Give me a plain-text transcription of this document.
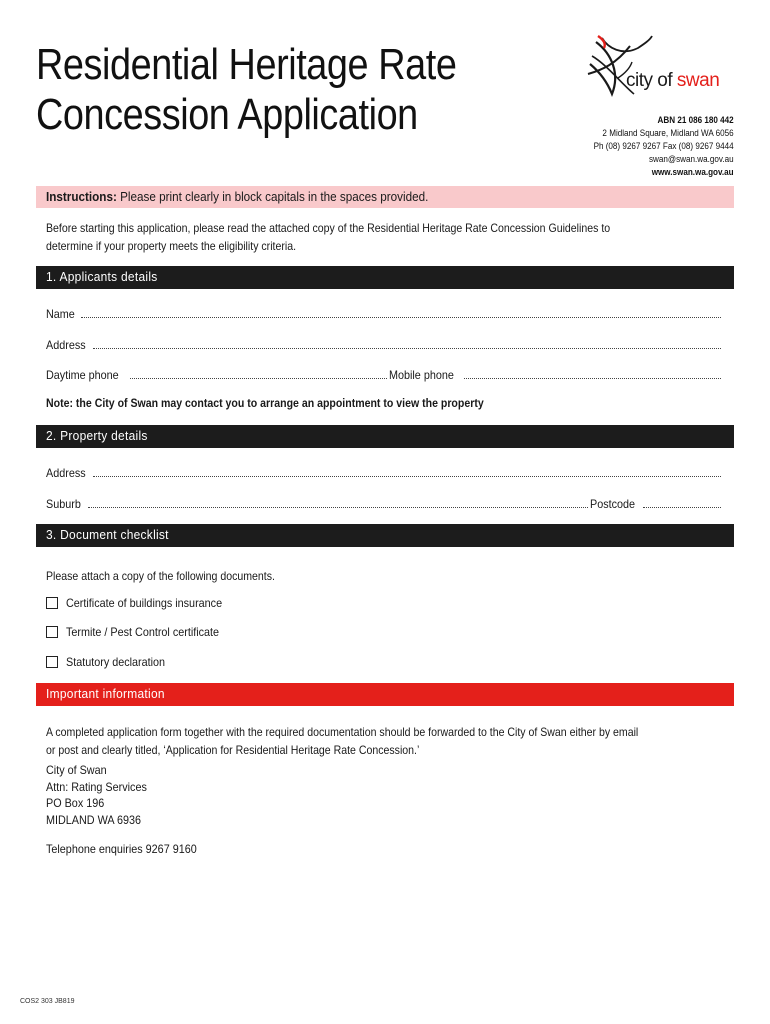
Residential Heritage Rate
Concession Application
city of swan
ABN 21 086 180 442
2 Midland Square, Midland WA 6056
Ph (08) 9267 9267 Fax (08) 9267 9444
swan@swan.wa.gov.au
www.swan.wa.gov.au
Instructions: Please print clearly in block capitals in the spaces provided.
Before starting this application, please read the attached copy of the Residential Heritage Rate Concession Guidelines to
determine if your property meets the eligibility criteria.
1. Applicants details
Name
Address
Daytime phone	Mobile phone
Note: the City of Swan may contact you to arrange an appointment to view the property
2. Property details
Address
Suburb	Postcode
3. Document checklist
Please attach a copy of the following documents.
Certificate of buildings insurance
Termite / Pest Control certificate
Statutory declaration
Important information
A completed application form together with the required documentation should be forwarded to the City of Swan either by email
or post and clearly titled, ‘Application for Residential Heritage Rate Concession.’
City of Swan
Attn: Rating Services
PO Box 196
MIDLAND WA 6936
Telephone enquiries 9267 9160
COS2 303 JB819
